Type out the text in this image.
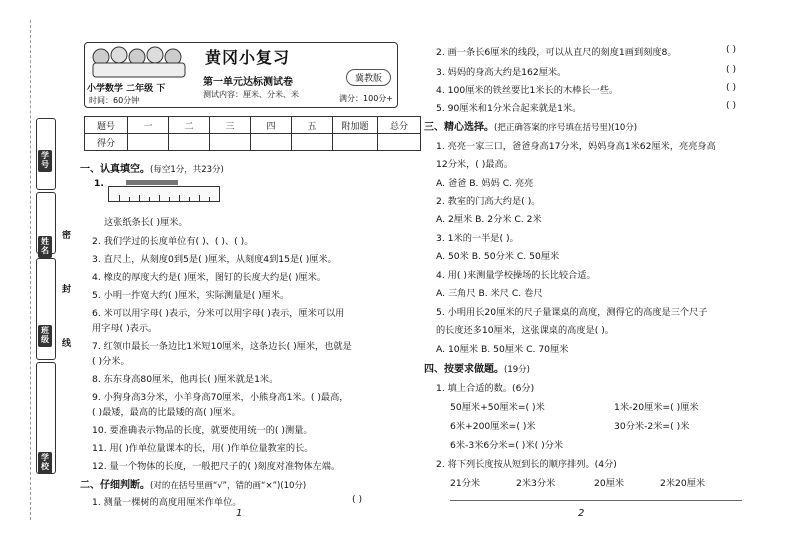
学号
姓名
班级
学校
密
封
线
黄冈小复习
小学数学 二年级 下
时间：60分钟
第一单元达标测试卷	冀教版
测试内容：厘米、分米、米	满分：100分+
题号	一	二	三	四	五	附加题	总分
得分							
一、认真填空。(每空1分，共23分)
1.
这张纸条长( )厘米。
2. 我们学过的长度单位有( )、( )、( )。
3. 直尺上，从刻度0到5是( )厘米，从刻度4到15是( )厘米。
4. 橡皮的厚度大约是( )厘米，图钉的长度大约是( )厘米。
5. 小明一拃宽大约( )厘米，实际测量是( )厘米。
6. 米可以用字母( )表示，分米可以用字母( )表示，厘米可以用
用字母( )表示。
7. 红领巾最长一条边比1米短10厘米，这条边长( )厘米，也就是
( )分米。
8. 东东身高80厘米，他再长( )厘米就是1米。
9. 小狗身高3分米，小羊身高70厘米，小熊身高1米。( )最高，
( )最矮，最高的比最矮的高( )厘米。
10. 要准确表示物品的长度，就要使用统一的( )测量。
11. 用( )作单位量课本的长，用( )作单位量教室的长。
12. 量一个物体的长度，一般把尺子的( )刻度对准物体左端。
二、仔细判断。(对的在括号里画“√”，错的画“×”)(10分)
1. 测量一棵树的高度用厘米作单位。	( )
2. 画一条长6厘米的线段，可以从直尺的刻度1画到刻度8。	( )
3. 妈妈的身高大约是162厘米。	( )
4. 100厘米的铁丝要比1米长的木棒长一些。	( )
5. 90厘米和1分米合起来就是1米。	( )
三、精心选择。(把正确答案的序号填在括号里)(10分)
1. 亮亮一家三口，爸爸身高17分米，妈妈身高1米62厘米，亮亮身高
12分米，( )最高。
A. 爸爸 B. 妈妈 C. 亮亮
2. 教室的门高大约是( )。
A. 2厘米 B. 2分米 C. 2米
3. 1米的一半是( )。
A. 50米 B. 50分米 C. 50厘米
4. 用( )来测量学校操场的长比较合适。
A. 三角尺 B. 米尺 C. 卷尺
5. 小明用长20厘米的尺子量课桌的高度，测得它的高度是三个尺子
的长度还多10厘米，这张课桌的高度是( )。
A. 10厘米 B. 50厘米 C. 70厘米
四、按要求做题。(19分)
1. 填上合适的数。(6分)
50厘米+50厘米=( )米	1米-20厘米=( )厘米
6米+200厘米=( )米	30分米-2米=( )米
6米-3米6分米=( )米( )分米
2. 将下列长度按从短到长的顺序排列。(4分)
21分米	2米3分米	20厘米	2米20厘米
1	2
